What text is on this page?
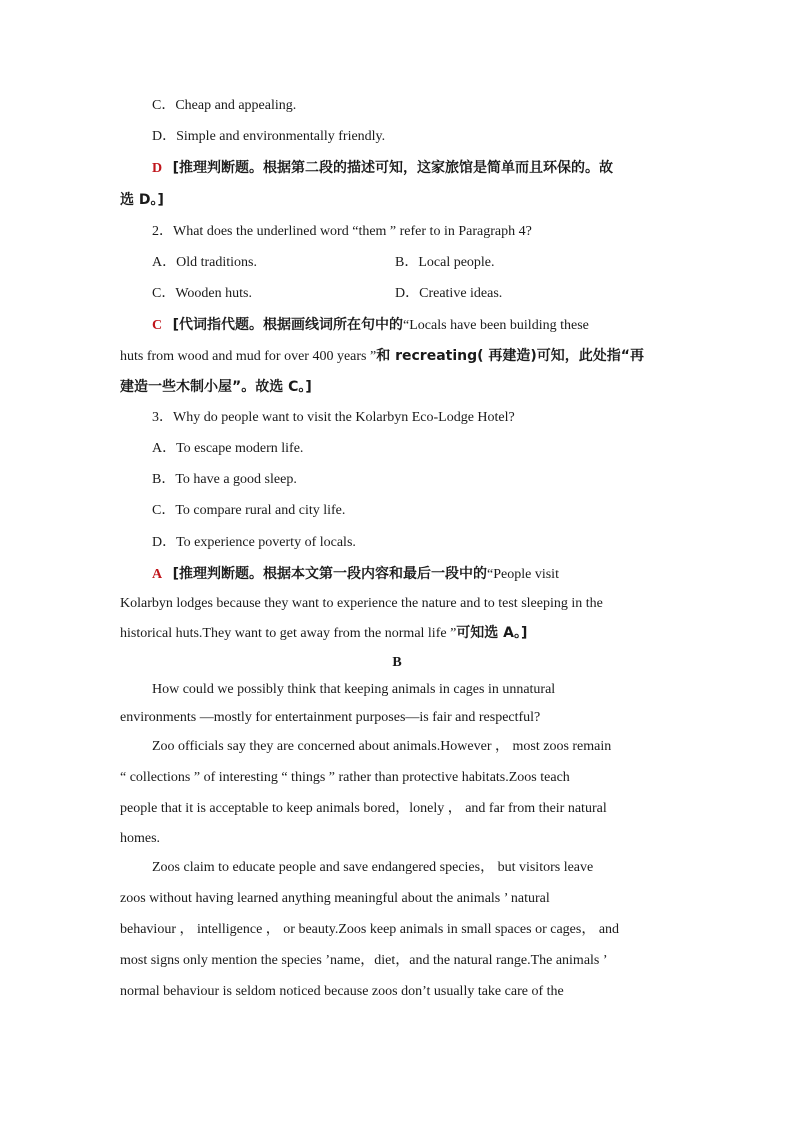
C．Cheap and appealing.
D．Simple and environmentally friendly.
D [推理判断题。根据第二段的描述可知，这家旅馆是简单而且环保的。故
选 D。]
2．What does the underlined word “them ” refer to in Paragraph 4?
A．Old traditions.	B．Local people.
C．Wooden huts.	D．Creative ideas.
C [代词指代题。根据画线词所在句中的“Locals have been building these
huts from wood and mud for over 400 years ”和 recreating( 再建造)可知，此处指“再
建造一些木制小屋”。故选 C。]
3．Why do people want to visit the Kolarbyn Eco‑Lodge Hotel?
A．To escape modern life.
B．To have a good sleep.
C．To compare rural and city life.
D．To experience poverty of locals.
A [推理判断题。根据本文第一段内容和最后一段中的“People visit
Kolarbyn lodges because they want to experience the nature and to test sleeping in the
historical huts.They want to get away from the normal life ”可知选 A。]
B
How could we possibly think that keeping animals in cages in unnatural
environments —mostly for entertainment purposes—is fair and respectful?
Zoo officials say they are concerned about animals.However ， most zoos remain
“ collections ” of interesting “ things ” rather than protective habitats.Zoos teach
people that it is acceptable to keep animals bored，lonely ， and far from their natural
homes.
Zoos claim to educate people and save endangered species， but visitors leave
zoos without having learned anything meaningful about the animals ’ natural
behaviour ， intelligence ， or beauty.Zoos keep animals in small spaces or cages， and
most signs only mention the species ’name，diet，and the natural range.The animals ’
normal behaviour is seldom noticed because zoos don’t usually take care of the
